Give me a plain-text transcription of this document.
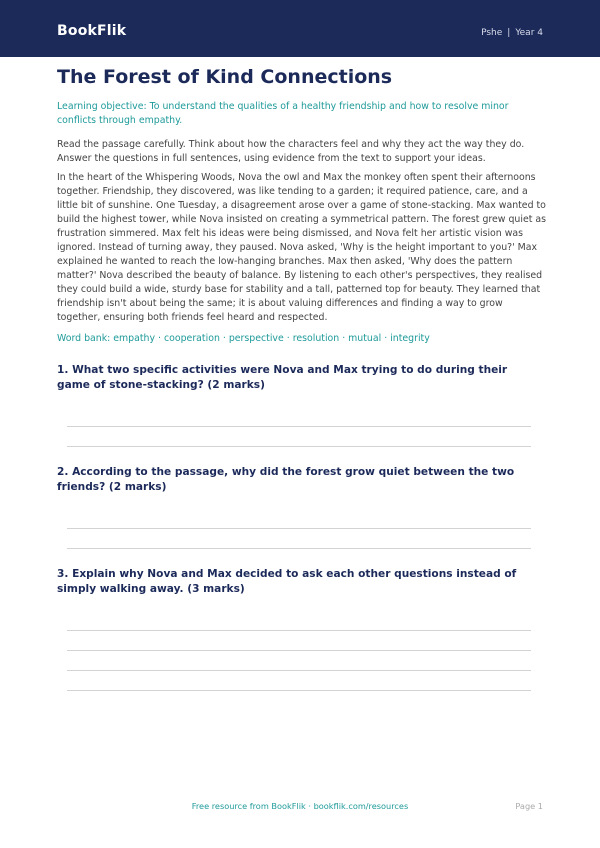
BookFlik	Pshe | Year 4
The Forest of Kind Connections

Learning objective: To understand the qualities of a healthy friendship and how to resolve minor conflicts through empathy.

Read the passage carefully. Think about how the characters feel and why they act the way they do. Answer the questions in full sentences, using evidence from the text to support your ideas.

In the heart of the Whispering Woods, Nova the owl and Max the monkey often spent their afternoons together. Friendship, they discovered, was like tending to a garden; it required patience, care, and a little bit of sunshine. One Tuesday, a disagreement arose over a game of stone-stacking. Max wanted to build the highest tower, while Nova insisted on creating a symmetrical pattern. The forest grew quiet as frustration simmered. Max felt his ideas were being dismissed, and Nova felt her artistic vision was ignored. Instead of turning away, they paused. Nova asked, 'Why is the height important to you?' Max explained he wanted to reach the low-hanging branches. Max then asked, 'Why does the pattern matter?' Nova described the beauty of balance. By listening to each other's perspectives, they realised they could build a wide, sturdy base for stability and a tall, patterned top for beauty. They learned that friendship isn't about being the same; it is about valuing differences and finding a way to grow together, ensuring both friends feel heard and respected.

Word bank: empathy · cooperation · perspective · resolution · mutual · integrity

1. What two specific activities were Nova and Max trying to do during their game of stone-stacking? (2 marks)
2. According to the passage, why did the forest grow quiet between the two friends? (2 marks)
3. Explain why Nova and Max decided to ask each other questions instead of simply walking away. (3 marks)
Free resource from BookFlik · bookflik.com/resources	Page 1
